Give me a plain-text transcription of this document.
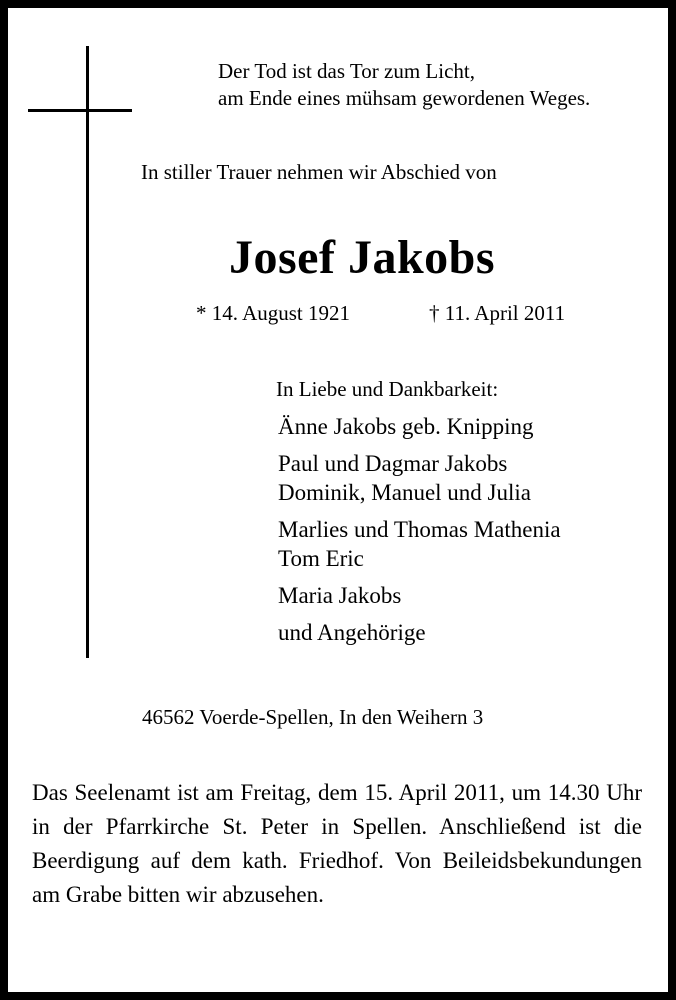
Der Tod ist das Tor zum Licht,
am Ende eines mühsam gewordenen Weges.
In stiller Trauer nehmen wir Abschied von
Josef Jakobs
* 14. August 1921	† 11. April 2011
In Liebe und Dankbarkeit:
Änne Jakobs geb. Knipping
Paul und Dagmar Jakobs
Dominik, Manuel und Julia
Marlies und Thomas Mathenia
Tom Eric
Maria Jakobs
und Angehörige
46562 Voerde-Spellen, In den Weihern 3
Das Seelenamt ist am Freitag, dem 15. April 2011, um 14.30 Uhr in der Pfarrkirche St. Peter in Spellen. Anschließend ist die Beerdigung auf dem kath. Friedhof. Von Beileidsbekundungen am Grabe bitten wir abzusehen.
